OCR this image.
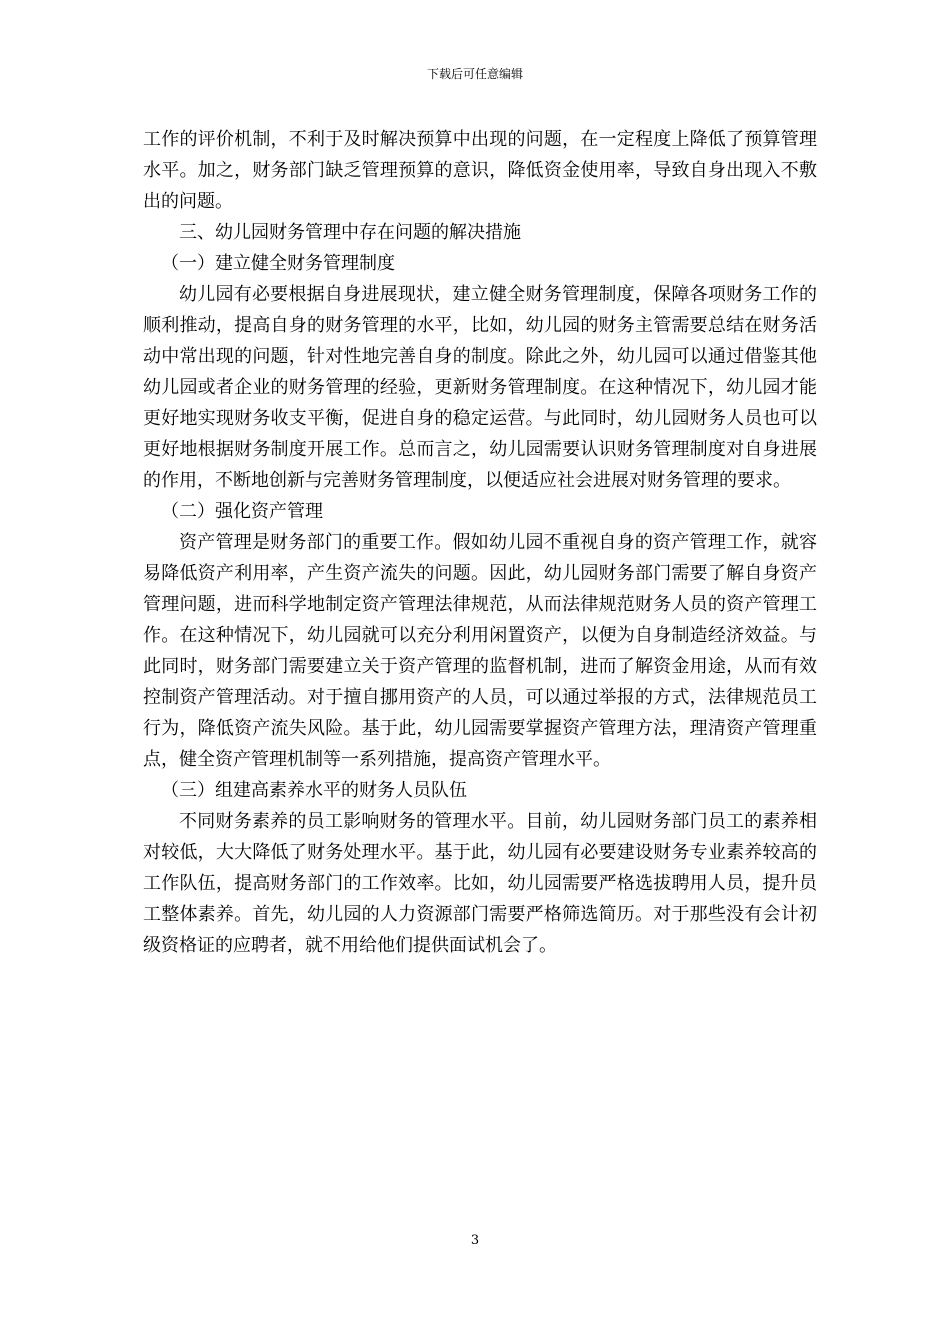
下载后可任意编辑

工作的评价机制，不利于及时解决预算中出现的问题，在一定程度上降低了预算管理水平。加之，财务部门缺乏管理预算的意识，降低资金使用率，导致自身出现入不敷出的问题。

三、幼儿园财务管理中存在问题的解决措施

（一）建立健全财务管理制度

幼儿园有必要根据自身进展现状，建立健全财务管理制度，保障各项财务工作的顺利推动，提高自身的财务管理的水平，比如，幼儿园的财务主管需要总结在财务活动中常出现的问题，针对性地完善自身的制度。除此之外，幼儿园可以通过借鉴其他幼儿园或者企业的财务管理的经验，更新财务管理制度。在这种情况下，幼儿园才能更好地实现财务收支平衡，促进自身的稳定运营。与此同时，幼儿园财务人员也可以更好地根据财务制度开展工作。总而言之，幼儿园需要认识财务管理制度对自身进展的作用，不断地创新与完善财务管理制度，以便适应社会进展对财务管理的要求。

（二）强化资产管理

资产管理是财务部门的重要工作。假如幼儿园不重视自身的资产管理工作，就容易降低资产利用率，产生资产流失的问题。因此，幼儿园财务部门需要了解自身资产管理问题，进而科学地制定资产管理法律规范，从而法律规范财务人员的资产管理工作。在这种情况下，幼儿园就可以充分利用闲置资产，以便为自身制造经济效益。与此同时，财务部门需要建立关于资产管理的监督机制，进而了解资金用途，从而有效控制资产管理活动。对于擅自挪用资产的人员，可以通过举报的方式，法律规范员工行为，降低资产流失风险。基于此，幼儿园需要掌握资产管理方法，理清资产管理重点，健全资产管理机制等一系列措施，提高资产管理水平。

（三）组建高素养水平的财务人员队伍

不同财务素养的员工影响财务的管理水平。目前，幼儿园财务部门员工的素养相对较低，大大降低了财务处理水平。基于此，幼儿园有必要建设财务专业素养较高的工作队伍，提高财务部门的工作效率。比如，幼儿园需要严格选拔聘用人员，提升员工整体素养。首先，幼儿园的人力资源部门需要严格筛选简历。对于那些没有会计初级资格证的应聘者，就不用给他们提供面试机会了。

3
